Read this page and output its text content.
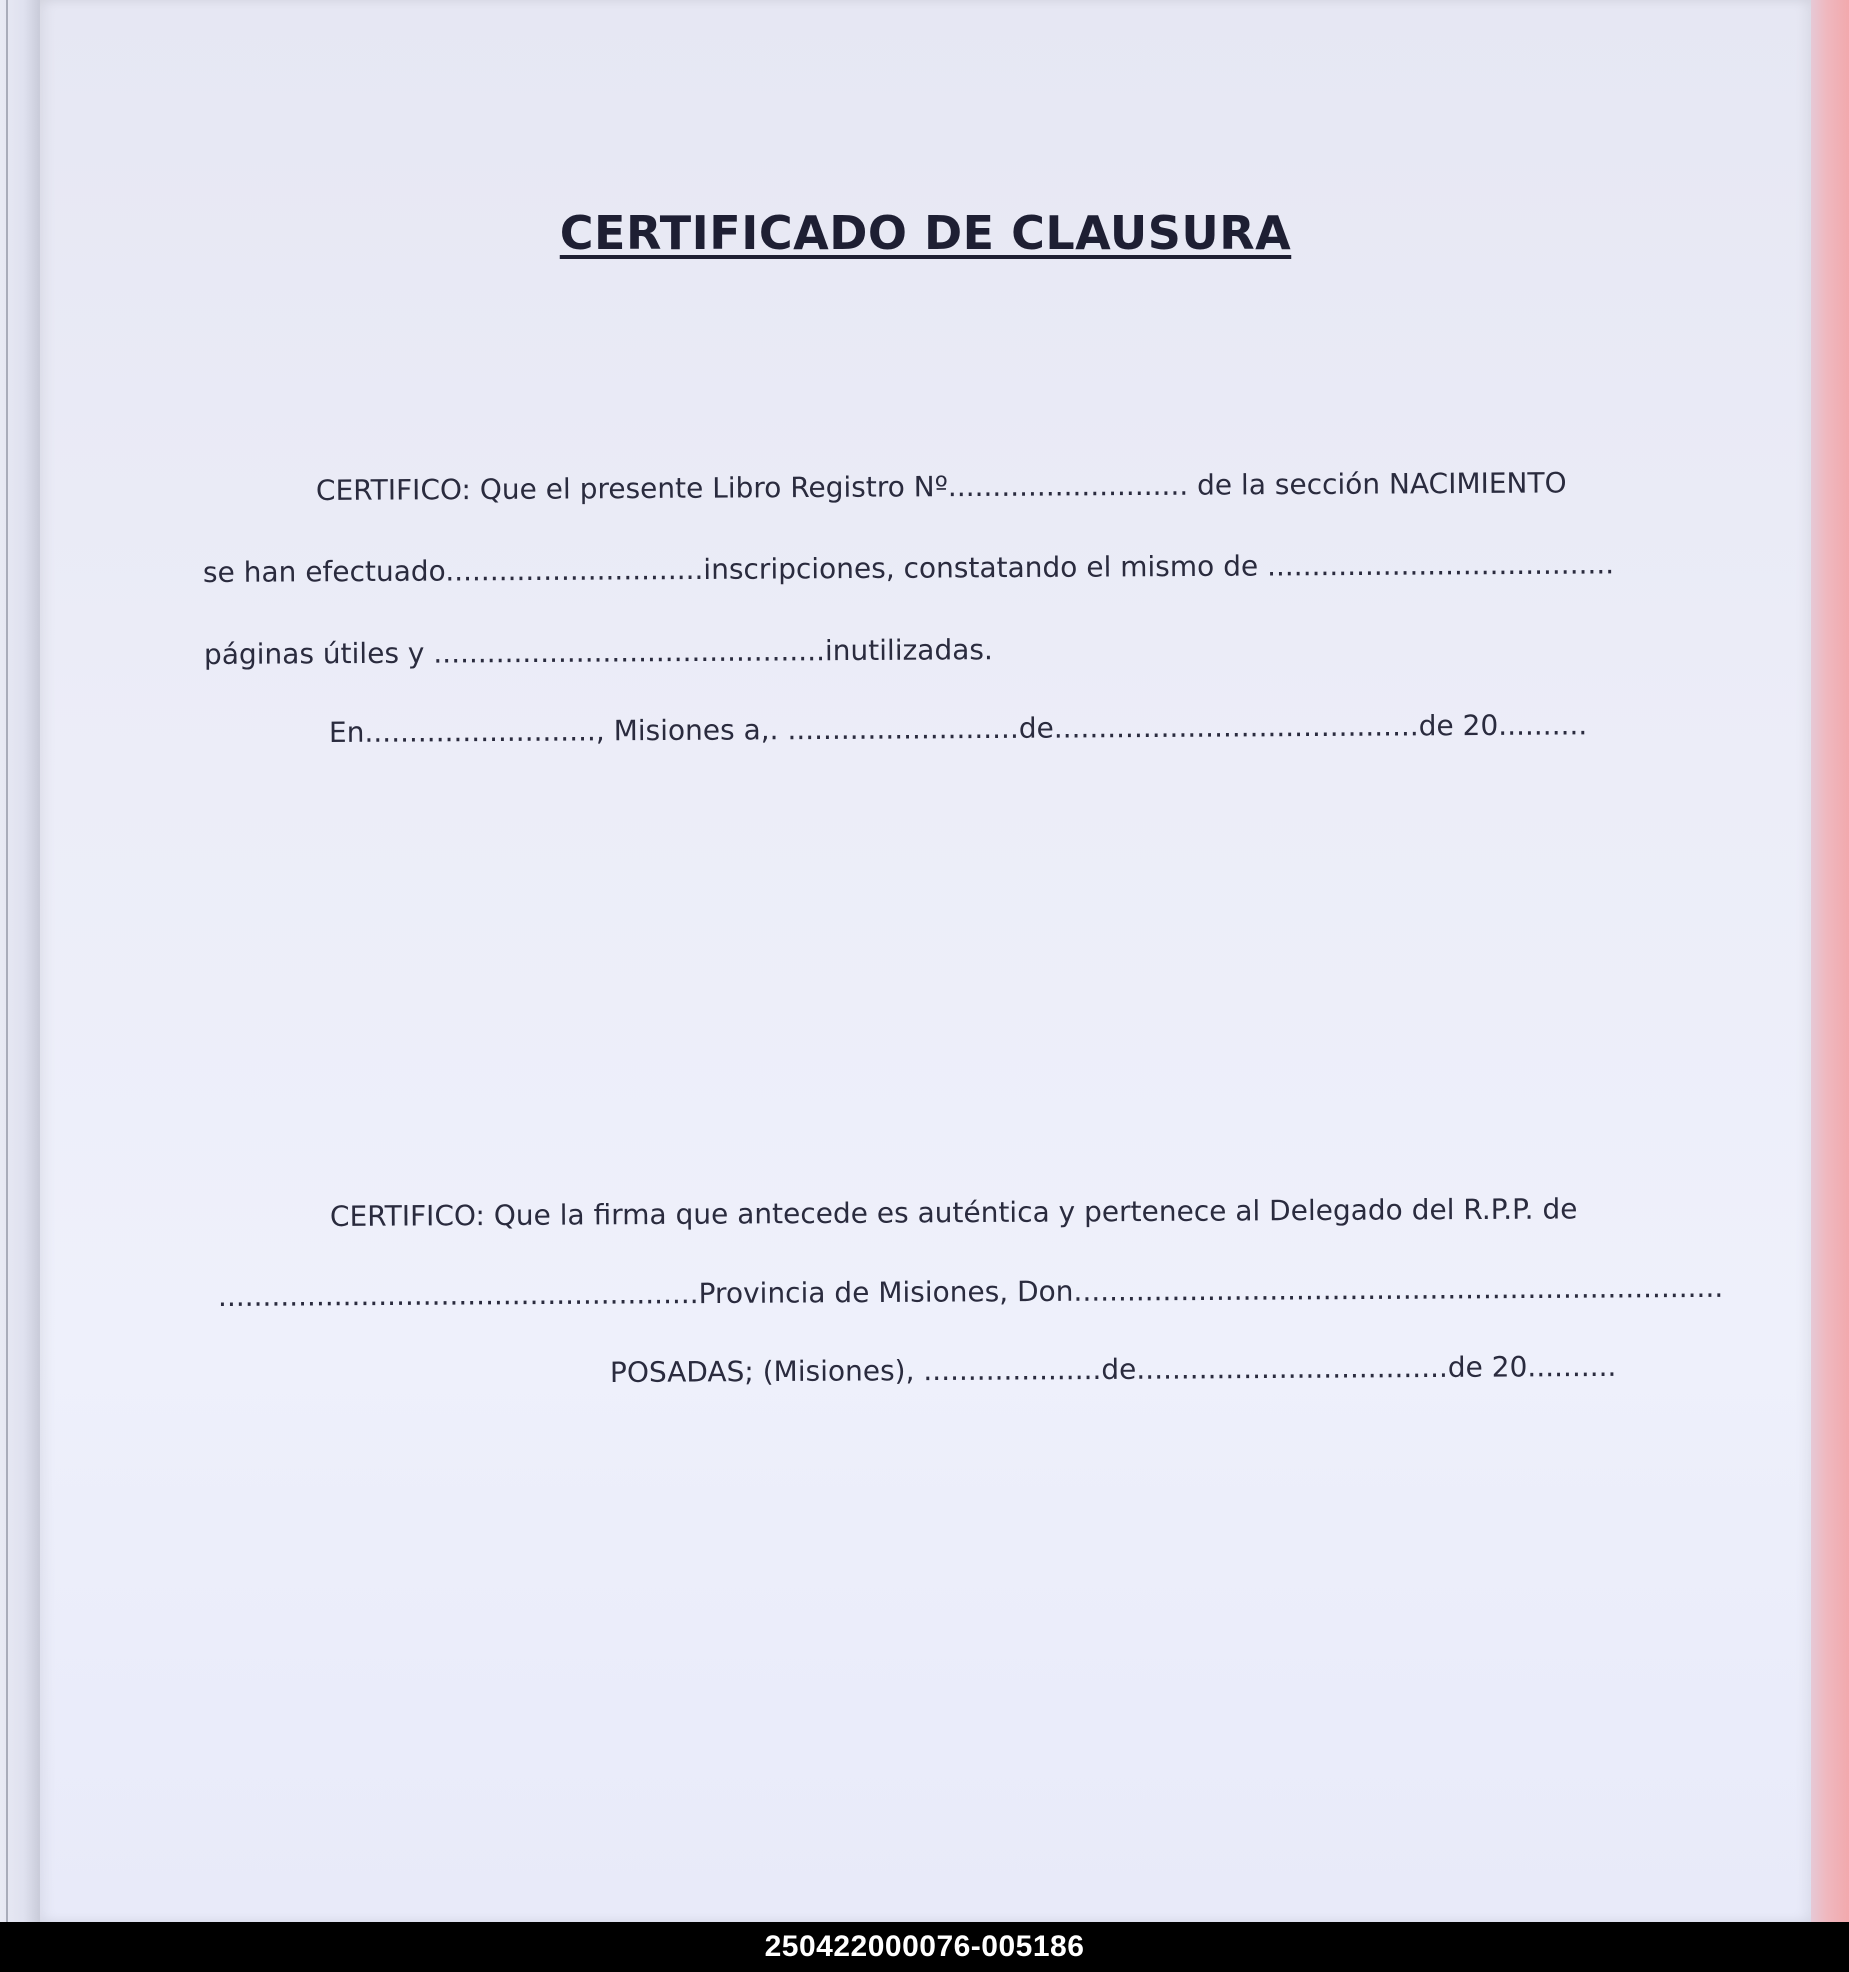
CERTIFICADO DE CLAUSURA
CERTIFICO: Que el presente Libro Registro Nº........................... de la sección NACIMIENTO
se han efectuado.............................inscripciones, constatando el mismo de .......................................
páginas útiles y ............................................inutilizadas.
En.........................., Misiones a,. ..........................de.........................................de 20..........
CERTIFICO: Que la firma que antecede es auténtica y pertenece al Delegado del R.P.P. de
......................................................Provincia de Misiones, Don.........................................................................
POSADAS; (Misiones), ....................de...................................de 20..........
250422000076-005186
